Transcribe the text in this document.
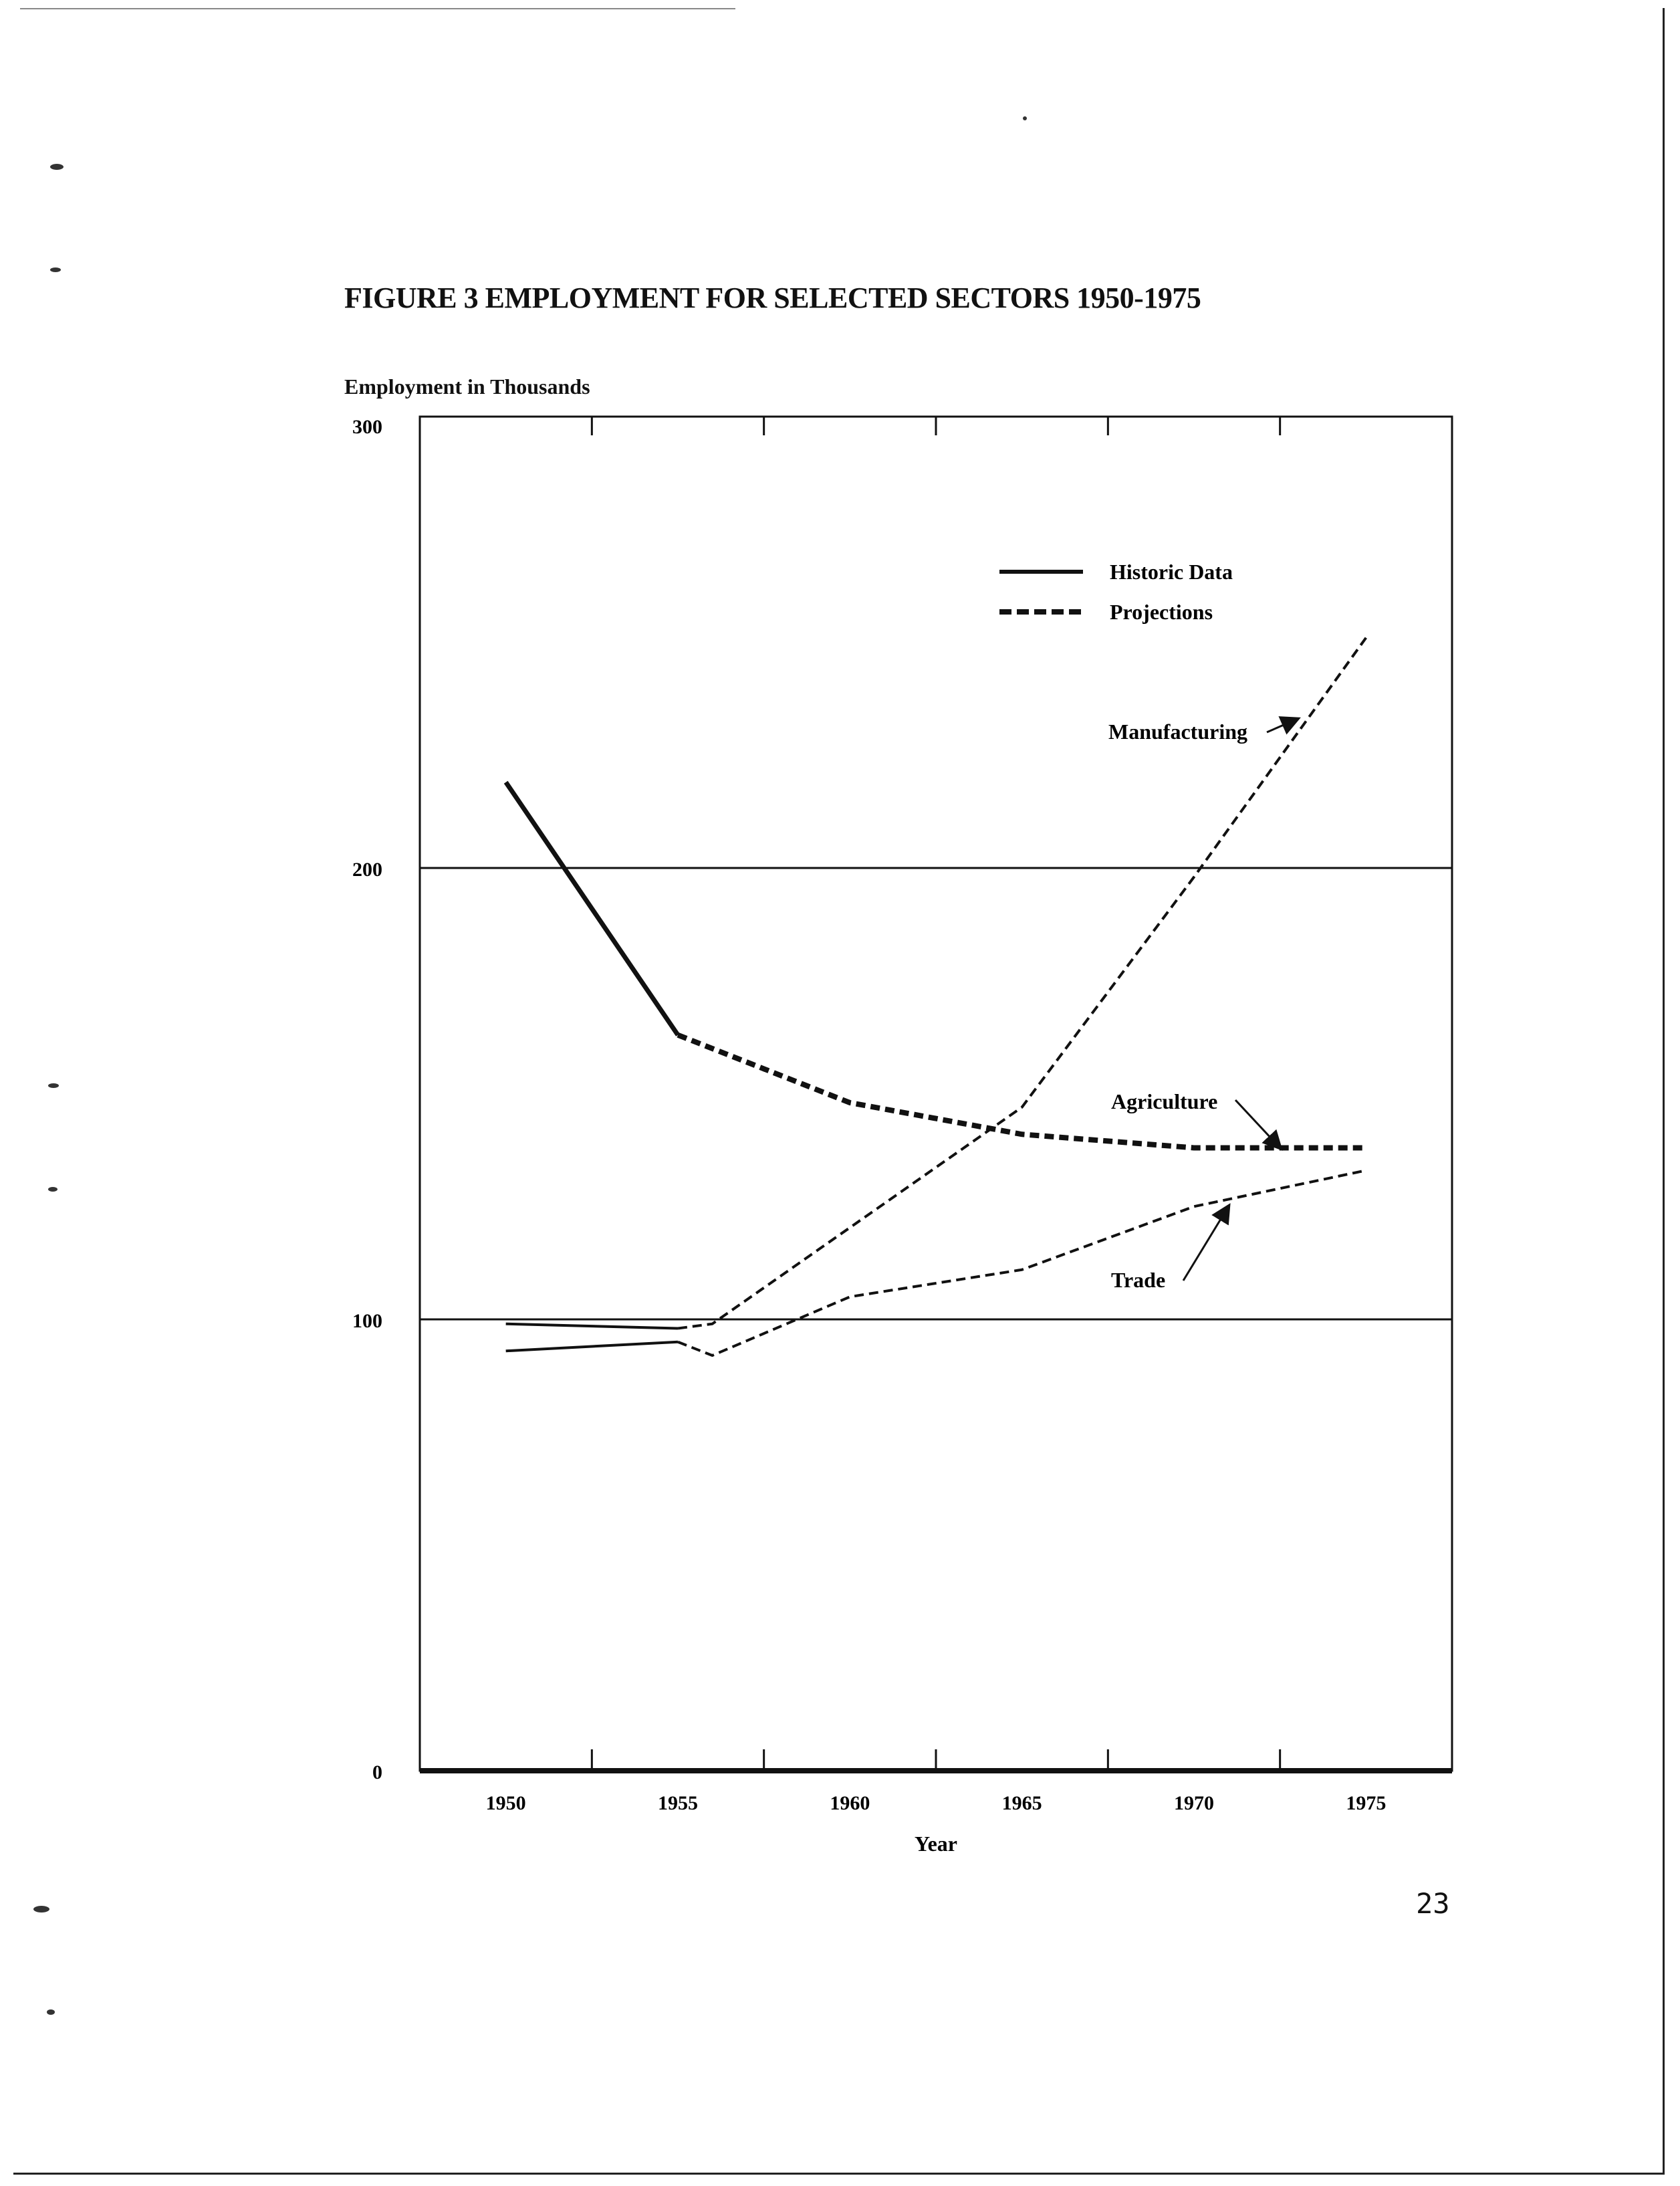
FIGURE 3 EMPLOYMENT FOR SELECTED SECTORS 1950-1975
Employment in Thousands
Historic Data
Projections
1950	1955	1960	1965	1970	1975
0
100
200
300
Year
Manufacturing
Agriculture
Trade
23
